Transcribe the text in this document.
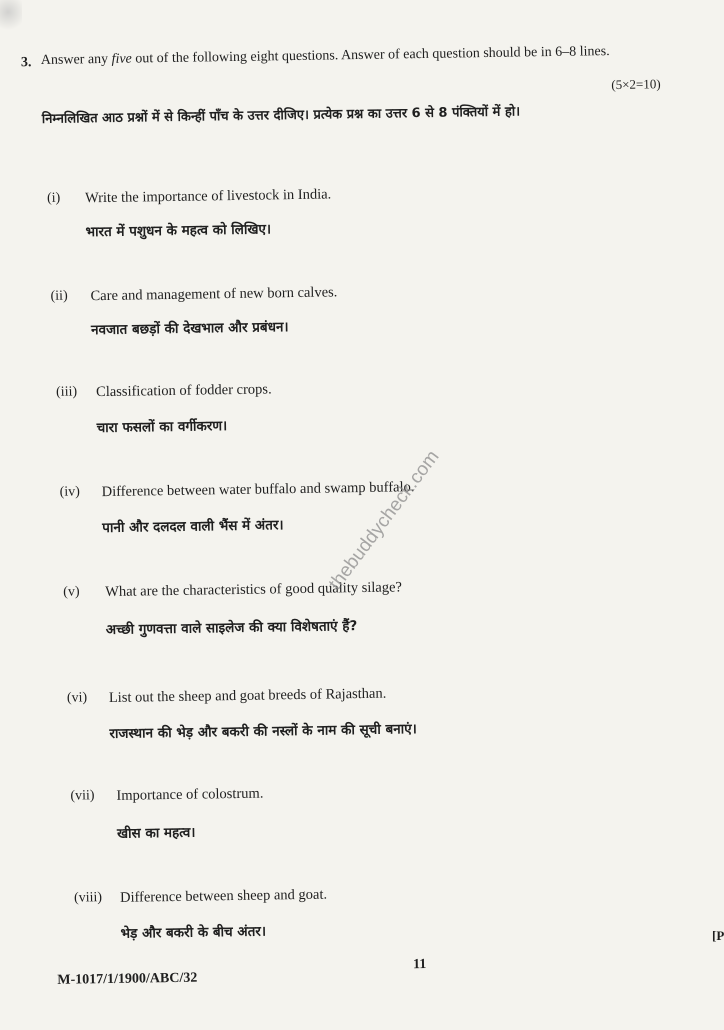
3. Answer any five out of the following eight questions. Answer of each question should be in 6–8 lines.
(5×2=10)
निम्नलिखित आठ प्रश्नों में से किन्हीं पाँच के उत्तर दीजिए। प्रत्येक प्रश्न का उत्तर 6 से 8 पंक्तियों में हो।
(i) Write the importance of livestock in India.
भारत में पशुधन के महत्व को लिखिए।
(ii) Care and management of new born calves.
नवजात बछड़ों की देखभाल और प्रबंधन।
(iii) Classification of fodder crops.
चारा फसलों का वर्गीकरण।
(iv) Difference between water buffalo and swamp buffalo.
पानी और दलदल वाली भैंस में अंतर।
(v) What are the characteristics of good quality silage?
अच्छी गुणवत्ता वाले साइलेज की क्या विशेषताएं हैं?
(vi) List out the sheep and goat breeds of Rajasthan.
राजस्थान की भेड़ और बकरी की नस्लों के नाम की सूची बनाएं।
(vii) Importance of colostrum.
खीस का महत्व।
(viii) Difference between sheep and goat.
भेड़ और बकरी के बीच अंतर।
thebuddycheck.com
11
M-1017/1/1900/ABC/32
[P
